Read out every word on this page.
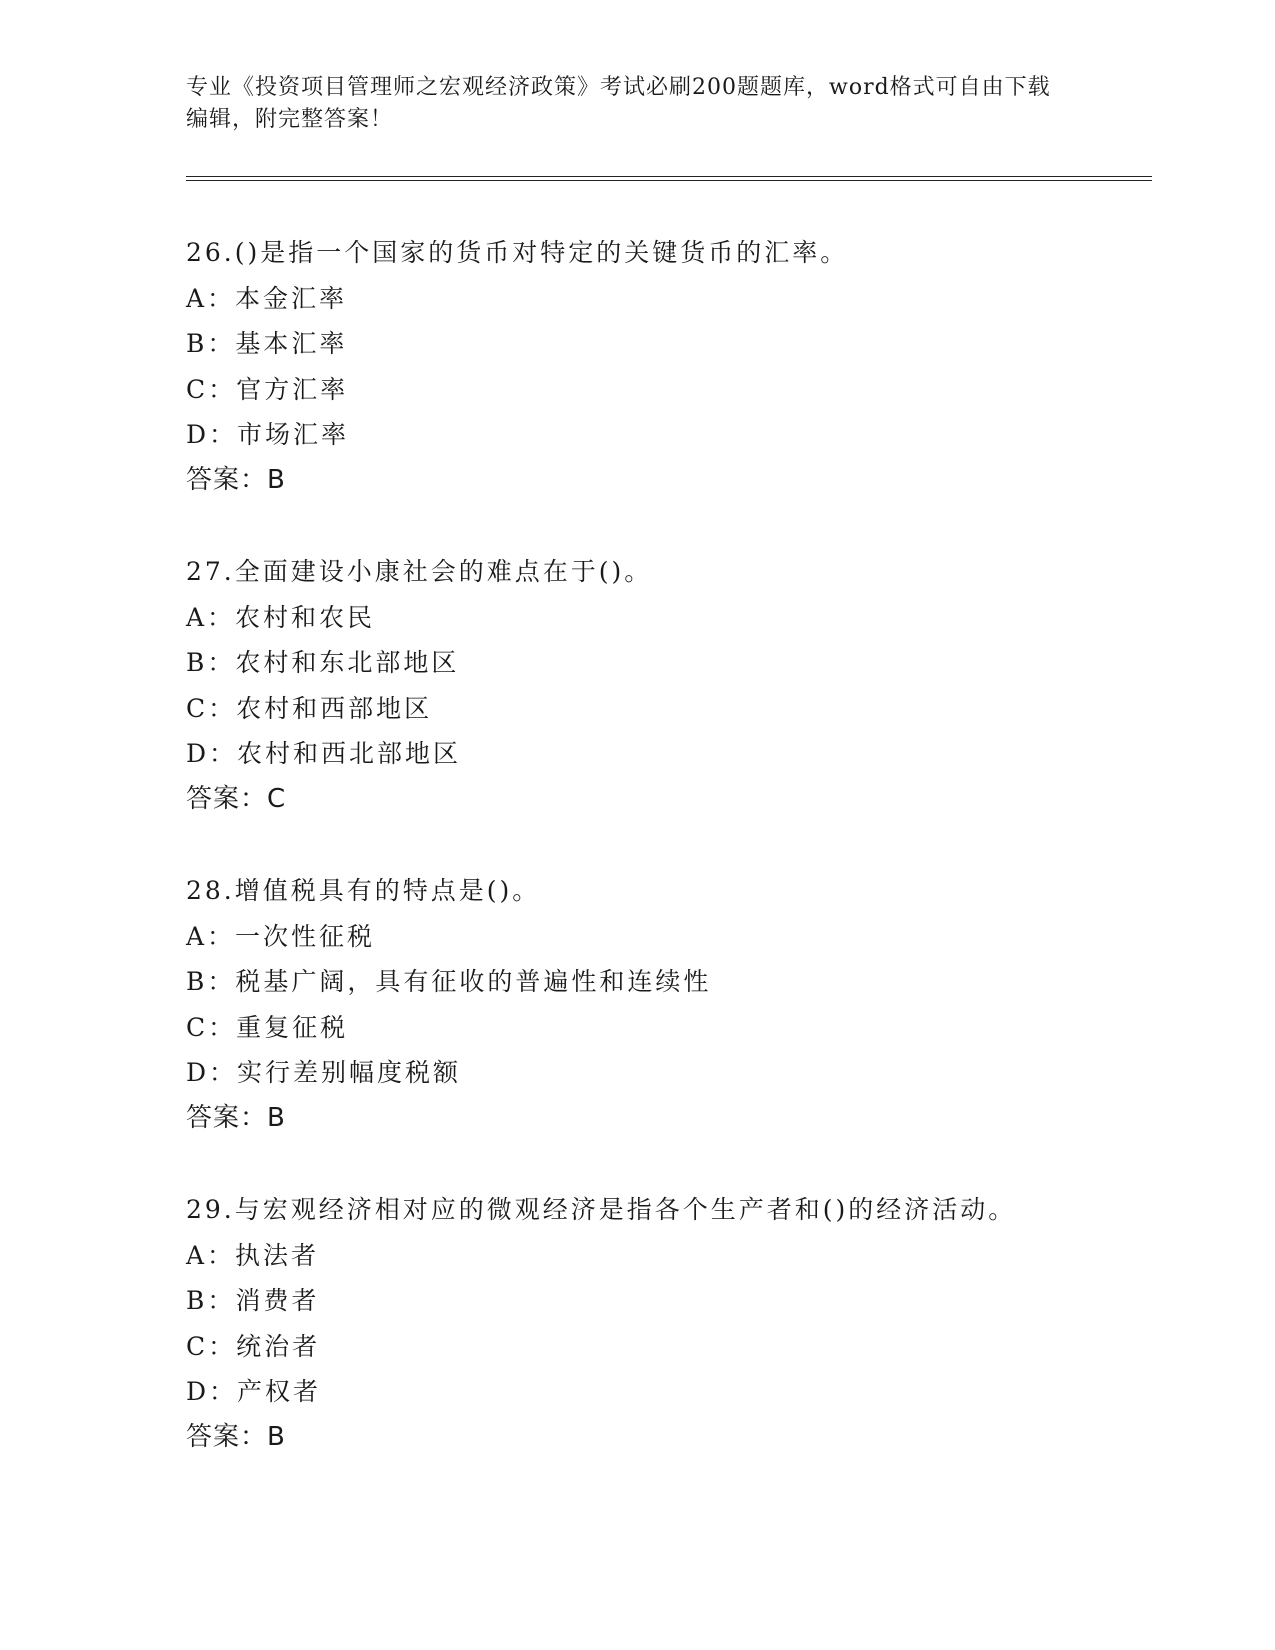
专业《投资项目管理师之宏观经济政策》考试必刷200题题库，word格式可自由下载编辑，附完整答案！
26.()是指一个国家的货币对特定的关键货币的汇率。
A：本金汇率
B：基本汇率
C：官方汇率
D：市场汇率
答案：B
27.全面建设小康社会的难点在于()。
A：农村和农民
B：农村和东北部地区
C：农村和西部地区
D：农村和西北部地区
答案：C
28.增值税具有的特点是()。
A：一次性征税
B：税基广阔，具有征收的普遍性和连续性
C：重复征税
D：实行差别幅度税额
答案：B
29.与宏观经济相对应的微观经济是指各个生产者和()的经济活动。
A：执法者
B：消费者
C：统治者
D：产权者
答案：B
